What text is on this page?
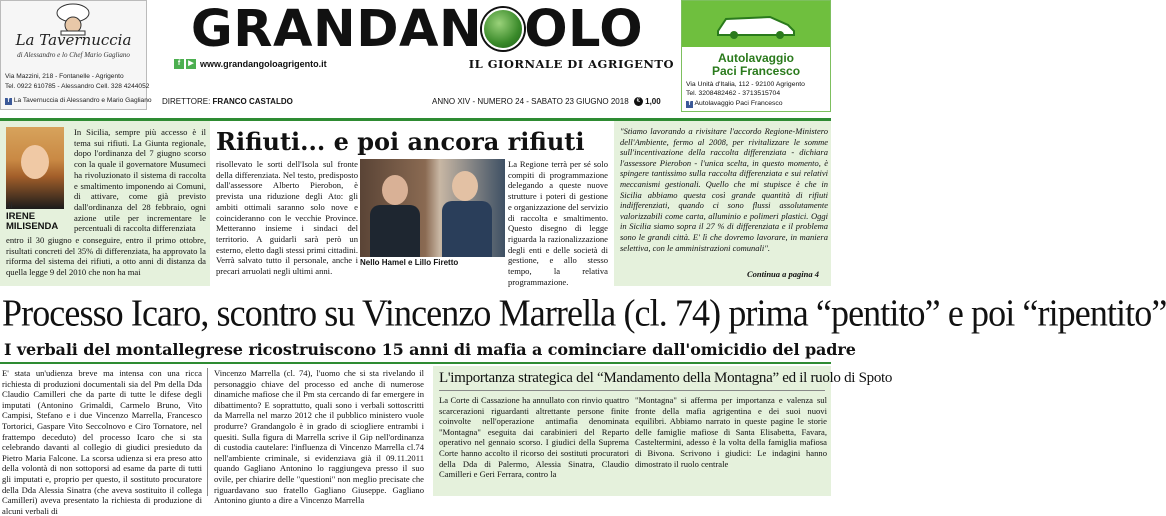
La Tavernuccia
di Alessandro e lo Chef Mario Gagliano
Via Mazzini, 218 - Fontanelle - Agrigento
Tel. 0922 610785 - Alessandro Cell. 328 4244052
f La Tavernuccia di Alessandro e Mario Gagliano
GRANDAN OLO
f	▶ www.grandangoloagrigento.it	IL GIORNALE DI AGRIGENTO
DIRETTORE: FRANCO CASTALDO	ANNO XIV - NUMERO 24 - SABATO 23 GIUGNO 2018 € 1,00
Autolavaggio
Paci Francesco
Via Unità d'Italia, 112 - 92100 Agrigento
Tel. 3208482462 - 3713515704
f Autolavaggio Paci Francesco
di
IRENE MILISENDA
In Sicilia, sempre più accesso è il tema sui rifiuti. La Giunta regionale, dopo l'ordinanza del 7 giugno scorso con la quale il governatore Musumeci ha rivoluzionato il sistema di raccolta e smaltimento imponendo ai Comuni, di attivare, come già previsto dall'ordinanza del 28 febbraio, ogni azione utile per incrementare le percentuali di raccolta differenziata
entro il 30 giugno e conseguire, entro il primo ottobre, risultati concreti del 35% di differenziata, ha approvato la riforma del sistema dei rifiuti, a otto anni di distanza da quella legge 9 del 2010 che non ha mai
Rifiuti... e poi ancora rifiuti
risollevato le sorti dell'Isola sul fronte della differenziata. Nel testo, predisposto dall'assessore Alberto Pierobon, è prevista una riduzione degli Ato: gli ambiti ottimali saranno solo nove e coincideranno con le vecchie Province. Metteranno insieme i sindaci del territorio. A guidarli sarà però un esterno, eletto dagli stessi primi cittadini. Verrà salvato tutto il personale, anche i precari arruolati negli ultimi anni.
Nello Hamel e Lillo Firetto
La Regione terrà per sé solo compiti di programmazione delegando a queste nuove strutture i poteri di gestione e organizzazione del servizio di raccolta e smaltimento. Questo disegno di legge riguarda la razionalizzazione degli enti e delle società di gestione, e allo stesso tempo, la relativa programmazione.
"Stiamo lavorando a rivisitare l'accordo Regione-Ministero dell'Ambiente, fermo al 2008, per rivitalizzare le somme sull'incentivazione della raccolta differenziata - dichiara l'assessore Pierobon - l'unica scelta, in questo momento, è spingere tantissimo sulla raccolta differenziata e sui relativi meccanismi gestionali. Quello che mi stupisce è che in Sicilia abbiamo questa così grande quantità di rifiuti indifferenziati, quando ci sono flussi assolutamente valorizzabili come carta, alluminio e polimeri plastici. Oggi in Sicilia siamo sopra il 27 % di differenziata e il problema sono le grandi città. E' lì che dovremo lavorare, in maniera selettiva, con le amministrazioni comunali".
Continua a pagina 4
Processo Icaro, scontro su Vincenzo Marrella (cl. 74) prima “pentito” e poi “ripentito”
I verbali del montallegrese ricostruiscono 15 anni di mafia a cominciare dall'omicidio del padre
E' stata un'udienza breve ma intensa con una ricca richiesta di produzioni documentali sia del Pm della Dda Claudio Camilleri che da parte di tutte le difese degli imputati (Antonino Grimaldi, Carmelo Bruno, Vito Campisi, Stefano e i due Vincenzo Marrella, Francesco Tortorici, Gaspare Vito Seccolnovo e Ciro Tornatore, nel frattempo deceduto) del processo Icaro che si sta celebrando davanti al collegio di giudici presieduto da Pietro Maria Falcone. La scorsa udienza si era preso atto della volontà di non sottoporsi ad esame da parte di tutti gli imputati e, proprio per questo, il sostituto procuratore della Dda Alessia Sinatra (che aveva sostituito il collega Camilleri) aveva presentato la richiesta di produzione di alcuni verbali di
Vincenzo Marrella (cl. 74), l'uomo che si sta rivelando il personaggio chiave del processo ed anche di numerose dinamiche mafiose che il Pm sta cercando di far emergere in dibattimento? E soprattutto, quali sono i verbali sottoscritti da Marrella nel marzo 2012 che il pubblico ministero vuole produrre? Grandangolo è in grado di sciogliere entrambi i quesiti. Sulla figura di Marrella scrive il Gip nell'ordinanza di custodia cautelare: l'influenza di Vincenzo Marrella cl.74 nell'ambiente criminale, si evidenziava già il 09.11.2011 quando Gagliano Antonino lo raggiungeva presso il suo ovile, per chiarire delle "questioni" non meglio precisate che riguardavano suo fratello Gagliano Giuseppe. Gagliano Antonino giunto a dire a Vincenzo Marrella
L'importanza strategica del “Mandamento della Montagna” ed il ruolo di Spoto
La Corte di Cassazione ha annullato con rinvio quattro scarcerazioni riguardanti altrettante persone finite coinvolte nell'operazione antimafia denominata "Montagna" eseguita dai carabinieri del Reparto operativo nel gennaio scorso. I giudici della Suprema Corte hanno accolto il ricorso dei sostituti procuratori della Dda di Palermo, Alessia Sinatra, Claudio Camilleri e Geri Ferrara, contro la
"Montagna" si afferma per importanza e valenza sul fronte della mafia agrigentina e dei suoi nuovi equilibri. Abbiamo narrato in queste pagine le storie delle famiglie mafiose di Santa Elisabetta, Favara, Casteltermini, adesso è la volta della famiglia mafiosa di Bivona. Scrivono i giudici: Le indagini hanno dimostrato il ruolo centrale
